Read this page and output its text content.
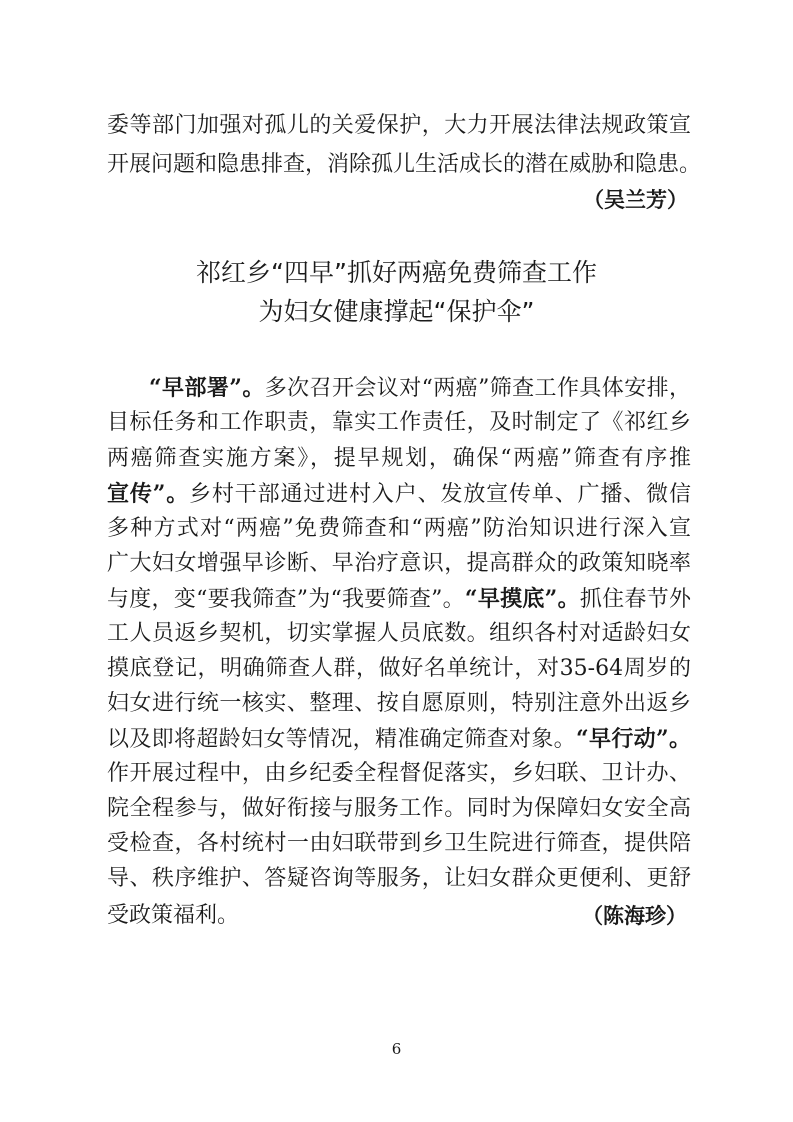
委等部门加强对孤儿的关爱保护，大力开展法律法规政策宣
开展问题和隐患排查，消除孤儿生活成长的潜在威胁和隐患。
（吴兰芳）
祁红乡“四早”抓好两癌免费筛查工作
为妇女健康撑起“保护伞”
“早部署”。多次召开会议对“两癌”筛查工作具体安排，
目标任务和工作职责，靠实工作责任，及时制定了《祁红乡
两癌筛查实施方案》，提早规划，确保“两癌”筛查有序推
宣传”。乡村干部通过进村入户、发放宣传单、广播、微信
多种方式对“两癌”免费筛查和“两癌”防治知识进行深入宣
广大妇女增强早诊断、早治疗意识，提高群众的政策知晓率
与度，变“要我筛查”为“我要筛查”。“早摸底”。抓住春节外
工人员返乡契机，切实掌握人员底数。组织各村对适龄妇女
摸底登记，明确筛查人群，做好名单统计，对35-64周岁的
妇女进行统一核实、整理、按自愿原则，特别注意外出返乡
以及即将超龄妇女等情况，精准确定筛查对象。“早行动”。
作开展过程中，由乡纪委全程督促落实，乡妇联、卫计办、
院全程参与，做好衔接与服务工作。同时为保障妇女安全高
受检查，各村统村一由妇联带到乡卫生院进行筛查，提供陪
导、秩序维护、答疑咨询等服务，让妇女群众更便利、更舒
受政策福利。	（陈海珍）
6
